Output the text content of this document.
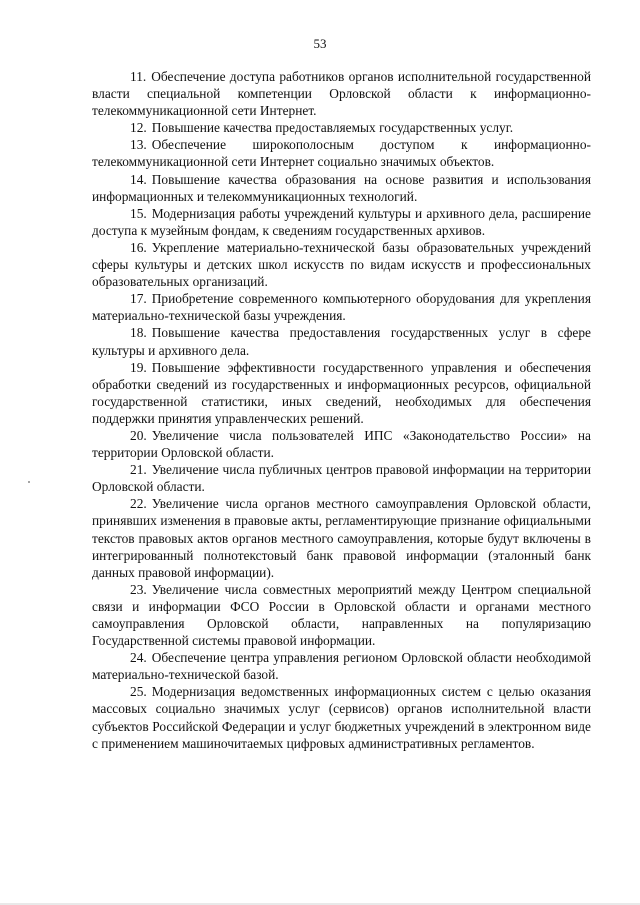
53

11. Обеспечение доступа работников органов исполнительной государственной власти специальной компетенции Орловской области к информационно-телекоммуникационной сети Интернет.

12. Повышение качества предоставляемых государственных услуг.

13. Обеспечение широкополосным доступом к информационно-телекоммуникационной сети Интернет социально значимых объектов.

14. Повышение качества образования на основе развития и использования информационных и телекоммуникационных технологий.

15. Модернизация работы учреждений культуры и архивного дела, расширение доступа к музейным фондам, к сведениям государственных архивов.

16. Укрепление материально-технической базы образовательных учреждений сферы культуры и детских школ искусств по видам искусств и профессиональных образовательных организаций.

17. Приобретение современного компьютерного оборудования для укрепления материально-технической базы учреждения.

18. Повышение качества предоставления государственных услуг в сфере культуры и архивного дела.

19. Повышение эффективности государственного управления и обеспечения обработки сведений из государственных и информационных ресурсов, официальной государственной статистики, иных сведений, необходимых для обеспечения поддержки принятия управленческих решений.

20. Увеличение числа пользователей ИПС «Законодательство России» на территории Орловской области.

21. Увеличение числа публичных центров правовой информации на территории Орловской области.

22. Увеличение числа органов местного самоуправления Орловской области, принявших изменения в правовые акты, регламентирующие признание официальными текстов правовых актов органов местного самоуправления, которые будут включены в интегрированный полнотекстовый банк правовой информации (эталонный банк данных правовой информации).

23. Увеличение числа совместных мероприятий между Центром специальной связи и информации ФСО России в Орловской области и органами местного самоуправления Орловской области, направленных на популяризацию Государственной системы правовой информации.

24. Обеспечение центра управления регионом Орловской области необходимой материально-технической базой.

25. Модернизация ведомственных информационных систем с целью оказания массовых социально значимых услуг (сервисов) органов исполнительной власти субъектов Российской Федерации и услуг бюджетных учреждений в электронном виде с применением машиночитаемых цифровых административных регламентов.
